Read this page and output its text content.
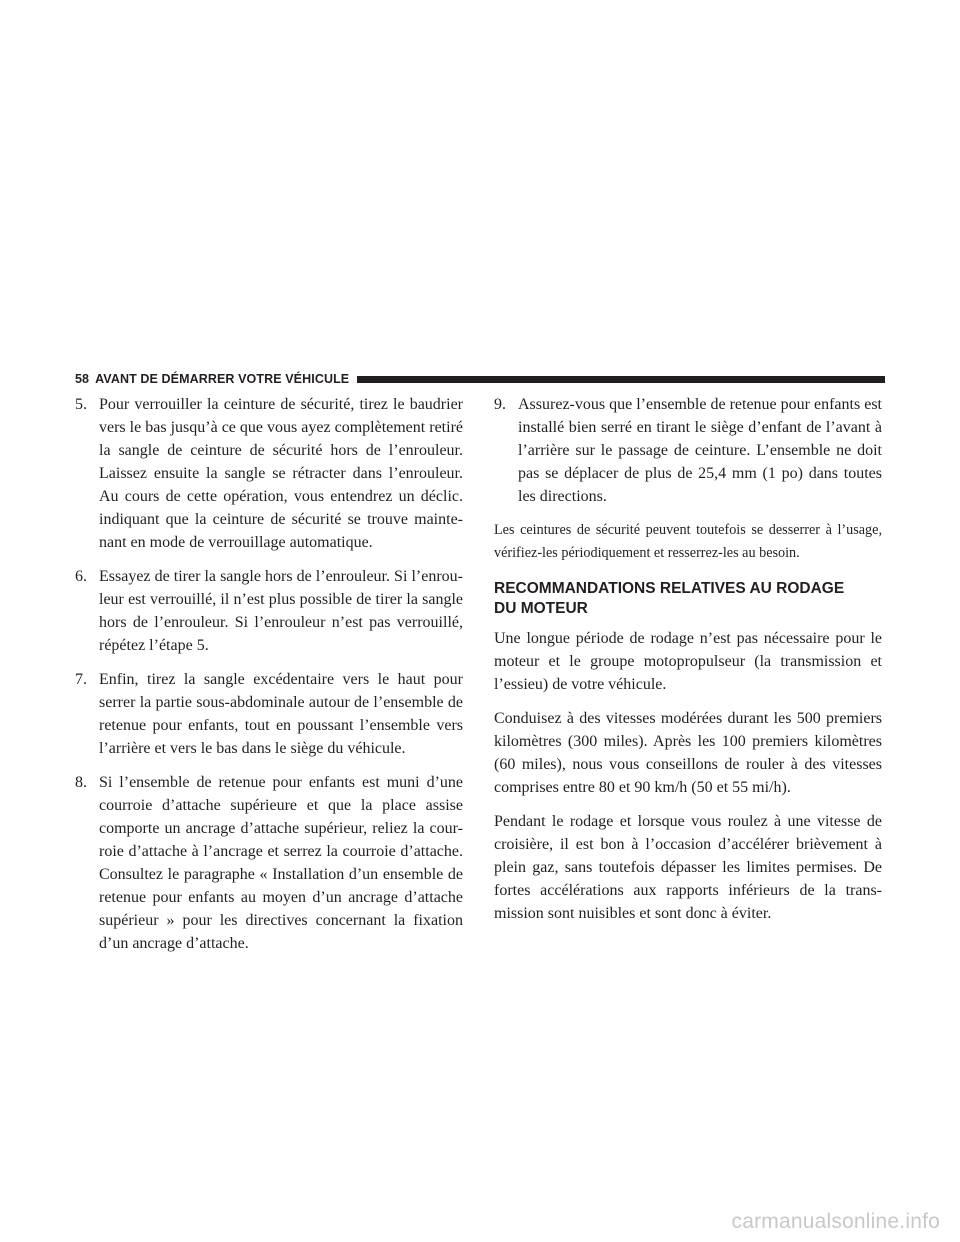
58 AVANT DE DÉMARRER VOTRE VÉHICULE
5. Pour verrouiller la ceinture de sécurité, tirez le baudrier vers le bas jusqu’à ce que vous ayez complètement retiré la sangle de ceinture de sécurité hors de l’enrouleur. Laissez ensuite la sangle se rétracter dans l’enrouleur. Au cours de cette opération, vous entendrez un déclic. indiquant que la ceinture de sécurité se trouve mainte-nant en mode de verrouillage automatique.
6. Essayez de tirer la sangle hors de l’enrouleur. Si l’enrou-leur est verrouillé, il n’est plus possible de tirer la sangle hors de l’enrouleur. Si l’enrouleur n’est pas verrouillé, répétez l’étape 5.
7. Enfin, tirez la sangle excédentaire vers le haut pour serrer la partie sous-abdominale autour de l’ensemble de retenue pour enfants, tout en poussant l’ensemble vers l’arrière et vers le bas dans le siège du véhicule.
8. Si l’ensemble de retenue pour enfants est muni d’une courroie d’attache supérieure et que la place assise comporte un ancrage d’attache supérieur, reliez la cour-roie d’attache à l’ancrage et serrez la courroie d’attache. Consultez le paragraphe « Installation d’un ensemble de retenue pour enfants au moyen d’un ancrage d’attache supérieur » pour les directives concernant la fixation d’un ancrage d’attache.
9. Assurez-vous que l’ensemble de retenue pour enfants est installé bien serré en tirant le siège d’enfant de l’avant à l’arrière sur le passage de ceinture. L’ensemble ne doit pas se déplacer de plus de 25,4 mm (1 po) dans toutes les directions.

Les ceintures de sécurité peuvent toutefois se desserrer à l’usage, vérifiez-les périodiquement et resserrez-les au besoin.

RECOMMANDATIONS RELATIVES AU RODAGE
DU MOTEUR

Une longue période de rodage n’est pas nécessaire pour le moteur et le groupe motopropulseur (la transmission et l’essieu) de votre véhicule.

Conduisez à des vitesses modérées durant les 500 premiers kilomètres (300 miles). Après les 100 premiers kilomètres (60 miles), nous vous conseillons de rouler à des vitesses comprises entre 80 et 90 km/h (50 et 55 mi/h).

Pendant le rodage et lorsque vous roulez à une vitesse de croisière, il est bon à l’occasion d’accélérer brièvement à plein gaz, sans toutefois dépasser les limites permises. De fortes accélérations aux rapports inférieurs de la trans-mission sont nuisibles et sont donc à éviter.

carmanualsonline.info
